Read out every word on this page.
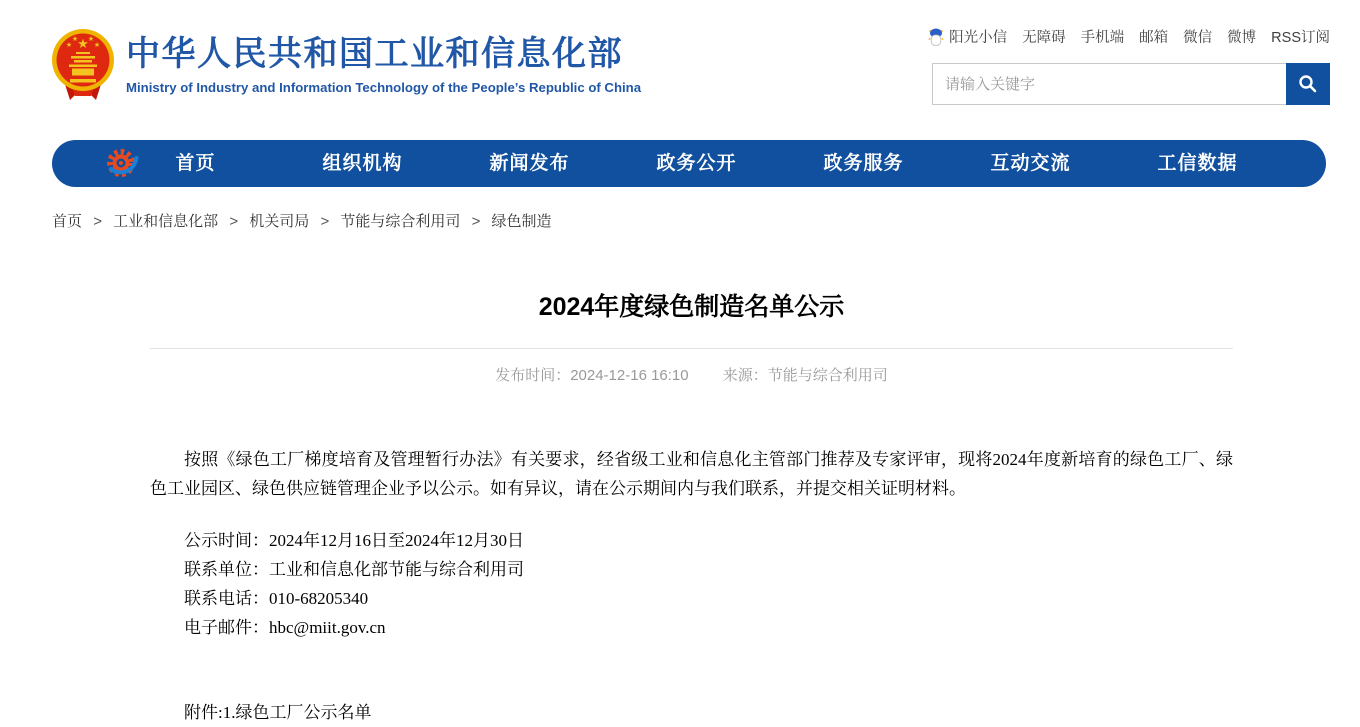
★
★
★ ★
★ 中华人民共和国工业和信息化部
Ministry of Industry and Information Technology of the People’s Republic of China
阳光小信 无障碍 手机端 邮箱 微信 微博 RSS订阅
请输入关键字
首页	组织机构	新闻发布	政务公开	政务服务	互动交流	工信数据
首页 > 工业和信息化部 > 机关司局 > 节能与综合利用司 > 绿色制造
2024年度绿色制造名单公示
发布时间：2024-12-16 16:10 来源：节能与综合利用司

按照《绿色工厂梯度培育及管理暂行办法》有关要求，经省级工业和信息化主管部门推荐及专家评审，现将2024年度新培育的绿色工厂、绿色工业园区、绿色供应链管理企业予以公示。如有异议，请在公示期间内与我们联系，并提交相关证明材料。

公示时间：2024年12月16日至2024年12月30日
联系单位：工业和信息化部节能与综合利用司
联系电话：010-68205340
电子邮件：hbc@miit.gov.cn
附件:1.绿色工厂公示名单
